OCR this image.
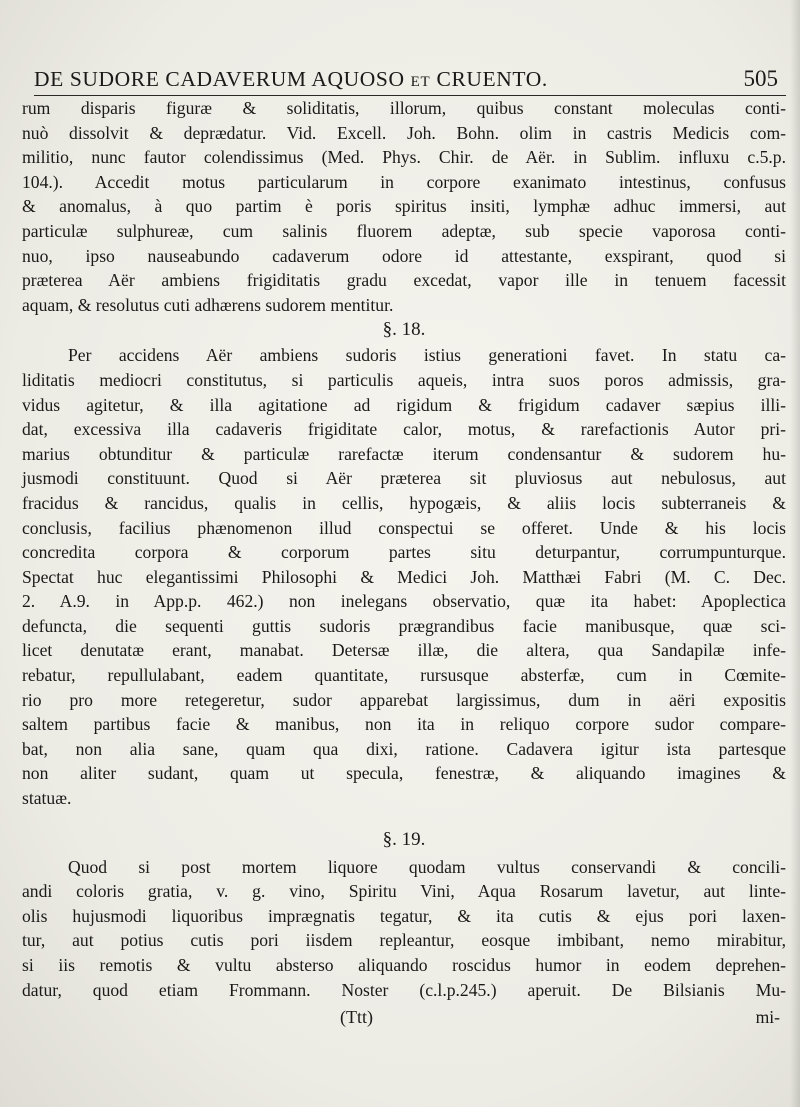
DE SUDORE CADAVERUM AQUOSO ET CRUENTO.	505
rum disparis figuræ & soliditatis, illorum, quibus constant moleculas conti-
nuò dissolvit & deprædatur. Vid. Excell. Joh. Bohn. olim in castris Medicis com-
militio, nunc fautor colendissimus (Med. Phys. Chir. de Aër. in Sublim. influxu c.5.p.
104.). Accedit motus particularum in corpore exanimato intestinus, confusus
& anomalus, à quo partim è poris spiritus insiti, lymphæ adhuc immersi, aut
particulæ sulphureæ, cum salinis fluorem adeptæ, sub specie vaporosa conti-
nuo, ipso nauseabundo cadaverum odore id attestante, exspirant, quod si
præterea Aër ambiens frigiditatis gradu excedat, vapor ille in tenuem facessit
aquam, & resolutus cuti adhærens sudorem mentitur.
§. 18.
Per accidens Aër ambiens sudoris istius generationi favet. In statu ca-
liditatis mediocri constitutus, si particulis aqueis, intra suos poros admissis, gra-
vidus agitetur, & illa agitatione ad rigidum & frigidum cadaver sæpius illi-
dat, excessiva illa cadaveris frigiditate calor, motus, & rarefactionis Autor pri-
marius obtunditur & particulæ rarefactæ iterum condensantur & sudorem hu-
jusmodi constituunt. Quod si Aër præterea sit pluviosus aut nebulosus, aut
fracidus & rancidus, qualis in cellis, hypogæis, & aliis locis subterraneis &
conclusis, facilius phænomenon illud conspectui se offeret. Unde & his locis
concredita corpora & corporum partes situ deturpantur, corrumpunturque.
Spectat huc elegantissimi Philosophi & Medici Joh. Matthæi Fabri (M. C. Dec.
2. A.9. in App.p. 462.) non inelegans observatio, quæ ita habet: Apoplectica
defuncta, die sequenti guttis sudoris prægrandibus facie manibusque, quæ sci-
licet denutatæ erant, manabat. Detersæ illæ, die altera, qua Sandapilæ infe-
rebatur, repullulabant, eadem quantitate, rursusque absterfæ, cum in Cœmite-
rio pro more retegeretur, sudor apparebat largissimus, dum in aëri expositis
saltem partibus facie & manibus, non ita in reliquo corpore sudor compare-
bat, non alia sane, quam qua dixi, ratione. Cadavera igitur ista partesque
non aliter sudant, quam ut specula, fenestræ, & aliquando imagines &
statuæ.
§. 19.
Quod si post mortem liquore quodam vultus conservandi & concili-
andi coloris gratia, v. g. vino, Spiritu Vini, Aqua Rosarum lavetur, aut linte-
olis hujusmodi liquoribus imprægnatis tegatur, & ita cutis & ejus pori laxen-
tur, aut potius cutis pori iisdem repleantur, eosque imbibant, nemo mirabitur,
si iis remotis & vultu absterso aliquando roscidus humor in eodem deprehen-
datur, quod etiam Frommann. Noster (c.l.p.245.) aperuit. De Bilsianis Mu-
(Ttt)	mi-
